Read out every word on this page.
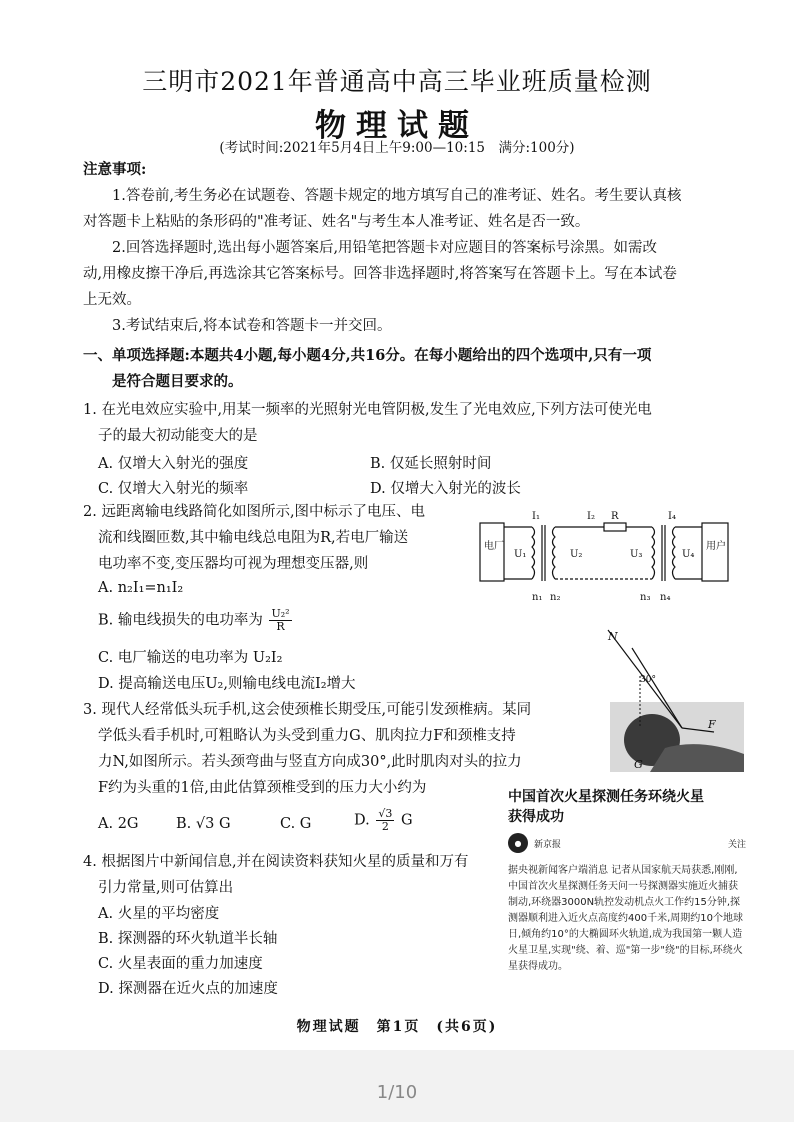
三明市2021年普通高中高三毕业班质量检测
物理试题
(考试时间:2021年5月4日上午9:00—10:15　满分:100分)
注意事项:
1.答卷前,考生务必在试题卷、答题卡规定的地方填写自己的准考证、姓名。考生要认真核
对答题卡上粘贴的条形码的"准考证、姓名"与考生本人准考证、姓名是否一致。
2.回答选择题时,选出每小题答案后,用铅笔把答题卡对应题目的答案标号涂黑。如需改
动,用橡皮擦干净后,再选涂其它答案标号。回答非选择题时,将答案写在答题卡上。写在本试卷
上无效。
3.考试结束后,将本试卷和答题卡一并交回。
一、单项选择题:本题共4小题,每小题4分,共16分。在每小题给出的四个选项中,只有一项
是符合题目要求的。
1. 在光电效应实验中,用某一频率的光照射光电管阴极,发生了光电效应,下列方法可使光电
子的最大初动能变大的是
A. 仅增大入射光的强度	B. 仅延长照射时间
C. 仅增大入射光的频率	D. 仅增大入射光的波长
2. 远距离输电线路简化如图所示,图中标示了电压、电
流和线圈匝数,其中输电线总电阻为R,若电厂输送
电功率不变,变压器均可视为理想变压器,则
A. n₂I₁=n₁I₂
B. 输电线损失的电功率为 $\frac{\text{U₂²}}{R}$
C. 电厂输送的电功率为 U₂I₂
D. 提高输送电压U₂,则输电线电流I₂增大
电厂	用户
I₁	I₂ R	I₄
U₁	U₂	U₃	U₄
n₁ n₂	n₃ n₄
N
30°
F
G
3. 现代人经常低头玩手机,这会使颈椎长期受压,可能引发颈椎病。某同
学低头看手机时,可粗略认为头受到重力G、肌肉拉力F和颈椎支持
力N,如图所示。若头颈弯曲与竖直方向成30°,此时肌肉对头的拉力
F约为头重的1倍,由此估算颈椎受到的压力大小约为
A. 2G	B. √3 G	C. G	D. $\frac{√3}{2}$ G
4. 根据图片中新闻信息,并在阅读资料获知火星的质量和万有
引力常量,则可估算出
A. 火星的平均密度
B. 探测器的环火轨道半长轴
C. 火星表面的重力加速度
D. 探测器在近火点的加速度
中国首次火星探测任务环绕火星
获得成功
●	新京报	关注
据央视新闻客户端消息 记者从国家航天局获悉,刚刚,中国首次火星探测任务天问一号探测器实施近火捕获制动,环绕器3000N轨控发动机点火工作约15分钟,探测器顺利进入近火点高度约400千米,周期约10个地球日,倾角约10°的大椭圆环火轨道,成为我国第一颗人造火星卫星,实现"绕、着、巡"第一步"绕"的目标,环绕火星获得成功。
物理试题　第1页　(共6页)
1/10
